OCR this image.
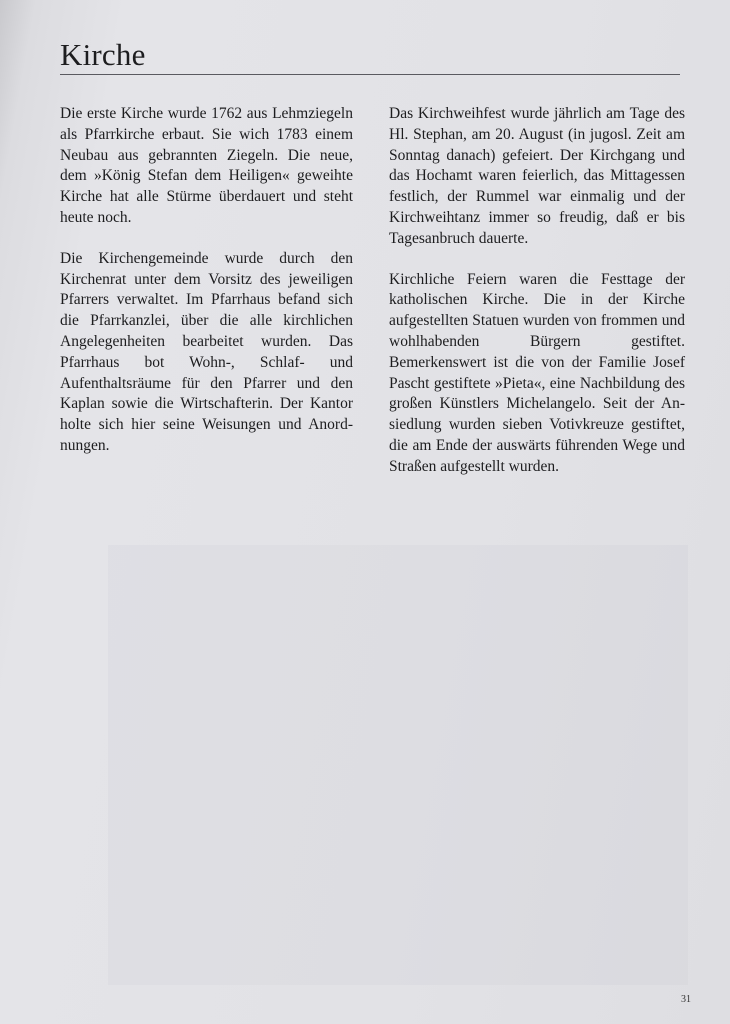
Kirche

Die erste Kirche wurde 1762 aus Lehmziegeln als Pfarrkirche erbaut. Sie wich 1783 einem Neubau aus gebrannten Ziegeln. Die neue, dem »König Stefan dem Heiligen« geweihte Kirche hat alle Stürme überdauert und steht heute noch.

Die Kirchengemeinde wurde durch den Kirchenrat unter dem Vorsitz des jeweiligen Pfarrers verwaltet. Im Pfarrhaus befand sich die Pfarrkanzlei, über die alle kirchlichen Angelegenheiten bearbeitet wurden. Das Pfarrhaus bot Wohn-, Schlaf- und Aufenthaltsräume für den Pfarrer und den Kaplan sowie die Wirtschafterin. Der Kantor holte sich hier seine Weisungen und Anordnungen.

Das Kirchweihfest wurde jährlich am Tage des Hl. Stephan, am 20. August (in jugosl. Zeit am Sonntag danach) gefeiert. Der Kirchgang und das Hochamt waren feierlich, das Mittagessen festlich, der Rummel war einmalig und der Kirchweihtanz immer so freudig, daß er bis Tagesanbruch dauerte.

Kirchliche Feiern waren die Festtage der katholischen Kirche. Die in der Kirche aufgestellten Statuen wurden von frommen und wohlhabenden Bürgern gestiftet. Bemerkenswert ist die von der Familie Josef Pascht gestiftete »Pieta«, eine Nachbildung des großen Künstlers Michelangelo. Seit der Ansiedlung wurden sieben Votivkreuze gestiftet, die am Ende der auswärts führenden Wege und Straßen aufgestellt wurden.

31
